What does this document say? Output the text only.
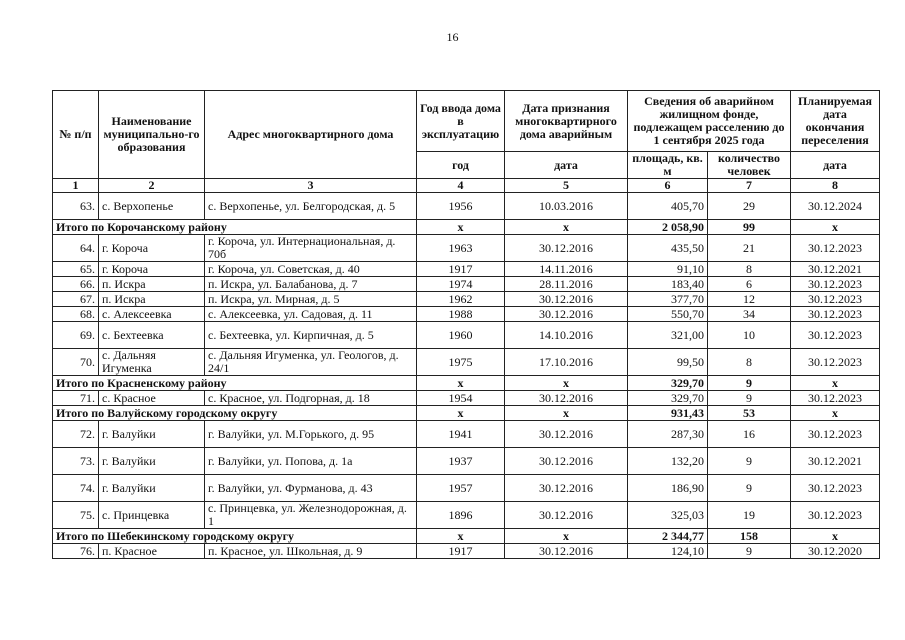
16
№ п/п	Наименование муниципально-го образования	Адрес многоквартирного дома	Год ввода дома в эксплуатацию	Дата признания многоквартирного дома аварийным	Сведения об аварийном жилищном фонде, подлежащем расселению до 1 сентября 2025 года		Планируемая дата окончания переселения
			год	дата	площадь, кв. м	количество человек	дата
1	2	3	4	5	6	7	8
63.	с. Верхопенье	с. Верхопенье, ул. Белгородская, д. 5	1956	10.03.2016	405,70	29	30.12.2024
Итого по Корочанскому району			х	х	2 058,90	99	х
64.	г. Короча	г. Короча, ул. Интернациональная, д. 70б	1963	30.12.2016	435,50	21	30.12.2023
65.	г. Короча	г. Короча, ул. Советская, д. 40	1917	14.11.2016	91,10	8	30.12.2021
66.	п. Искра	п. Искра, ул. Балабанова, д. 7	1974	28.11.2016	183,40	6	30.12.2023
67.	п. Искра	п. Искра, ул. Мирная, д. 5	1962	30.12.2016	377,70	12	30.12.2023
68.	с. Алексеевка	с. Алексеевка, ул. Садовая, д. 11	1988	30.12.2016	550,70	34	30.12.2023
69.	с. Бехтеевка	с. Бехтеевка, ул. Кирпичная, д. 5	1960	14.10.2016	321,00	10	30.12.2023
70.	с. Дальняя Игуменка	с. Дальняя Игуменка, ул. Геологов, д. 24/1	1975	17.10.2016	99,50	8	30.12.2023
Итого по Красненскому району			х	х	329,70	9	х
71.	с. Красное	с. Красное, ул. Подгорная, д. 18	1954	30.12.2016	329,70	9	30.12.2023
Итого по Валуйскому городскому округу			х	х	931,43	53	х
72.	г. Валуйки	г. Валуйки, ул. М.Горького, д. 95	1941	30.12.2016	287,30	16	30.12.2023
73.	г. Валуйки	г. Валуйки, ул. Попова, д. 1а	1937	30.12.2016	132,20	9	30.12.2021
74.	г. Валуйки	г. Валуйки, ул. Фурманова, д. 43	1957	30.12.2016	186,90	9	30.12.2023
75.	с. Принцевка	с. Принцевка, ул. Железнодорожная, д. 1	1896	30.12.2016	325,03	19	30.12.2023
Итого по Шебекинскому городскому округу			х	х	2 344,77	158	х
76.	п. Красное	п. Красное, ул. Школьная, д. 9	1917	30.12.2016	124,10	9	30.12.2020
